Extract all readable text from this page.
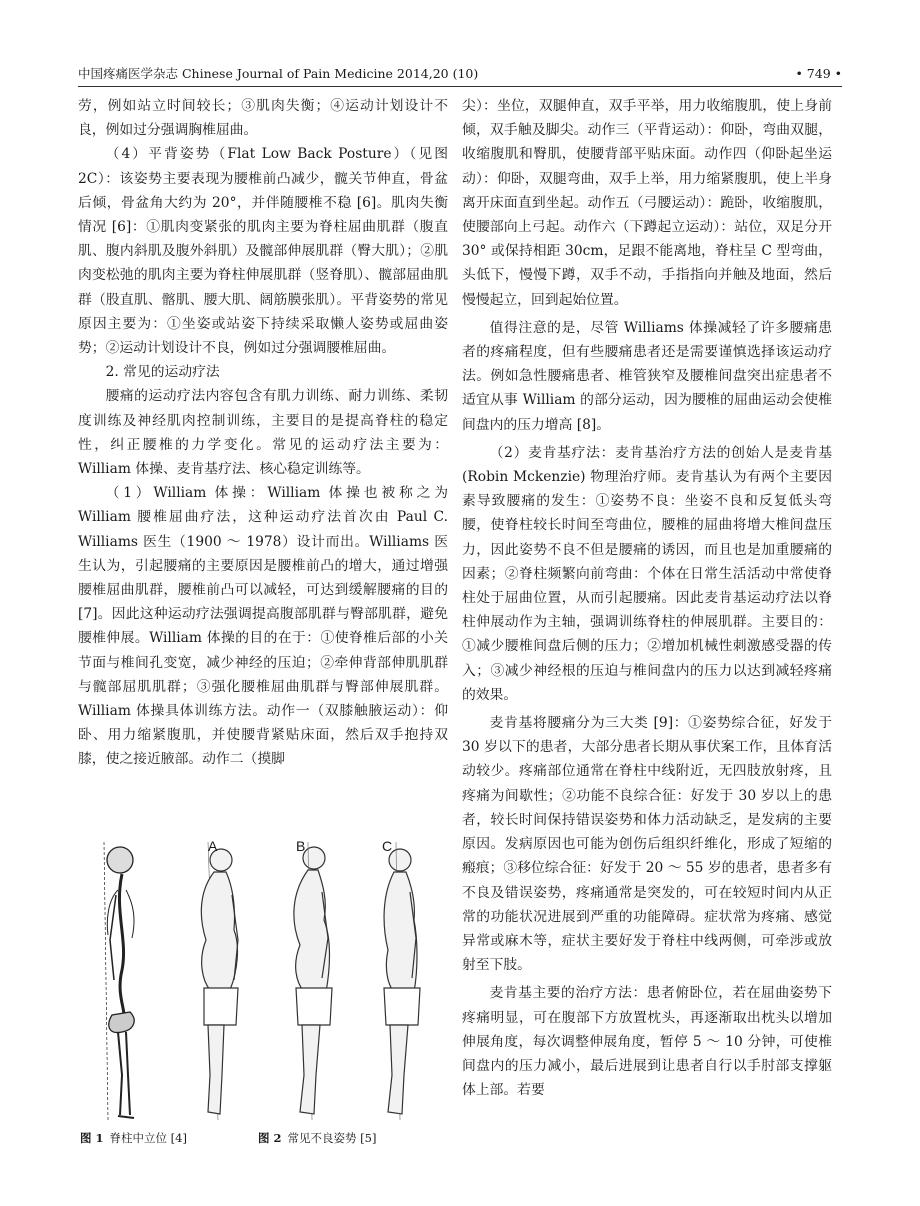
中国疼痛医学杂志 Chinese Journal of Pain Medicine 2014,20 (10)	• 749 •

劳，例如站立时间较长；③肌肉失衡；④运动计划设计不良，例如过分强调胸椎屈曲。

（4）平背姿势（Flat Low Back Posture）（见图2C）：该姿势主要表现为腰椎前凸减少，髋关节伸直，骨盆后倾，骨盆角大约为 20°，并伴随腰椎不稳 [6]。肌肉失衡情况 [6]：①肌肉变紧张的肌肉主要为脊柱屈曲肌群（腹直肌、腹内斜肌及腹外斜肌）及髋部伸展肌群（臀大肌）；②肌肉变松弛的肌肉主要为脊柱伸展肌群（竖脊肌）、髋部屈曲肌群（股直肌、髂肌、腰大肌、阔筋膜张肌）。平背姿势的常见原因主要为：①坐姿或站姿下持续采取懒人姿势或屈曲姿势；②运动计划设计不良，例如过分强调腰椎屈曲。

2. 常见的运动疗法

腰痛的运动疗法内容包含有肌力训练、耐力训练、柔韧度训练及神经肌肉控制训练，主要目的是提高脊柱的稳定性，纠正腰椎的力学变化。常见的运动疗法主要为：William 体操、麦肯基疗法、核心稳定训练等。

（1）William 体操：William 体操也被称之为 William 腰椎屈曲疗法，这种运动疗法首次由 Paul C. Williams 医生（1900 ～ 1978）设计而出。Williams 医生认为，引起腰痛的主要原因是腰椎前凸的增大，通过增强腰椎屈曲肌群，腰椎前凸可以减轻，可达到缓解腰痛的目的 [7]。因此这种运动疗法强调提高腹部肌群与臀部肌群，避免腰椎伸展。William 体操的目的在于：①使脊椎后部的小关节面与椎间孔变宽，减少神经的压迫；②牵伸背部伸肌肌群与髋部屈肌肌群；③强化腰椎屈曲肌群与臀部伸展肌群。William 体操具体训练方法。动作一（双膝触腋运动）：仰卧、用力缩紧腹肌，并使腰背紧贴床面，然后双手抱持双膝，使之接近腋部。动作二（摸脚

尖）：坐位，双腿伸直，双手平举，用力收缩腹肌，使上身前倾，双手触及脚尖。动作三（平背运动）：仰卧，弯曲双腿，收缩腹肌和臀肌，使腰背部平贴床面。动作四（仰卧起坐运动）：仰卧，双腿弯曲，双手上举，用力缩紧腹肌，使上半身离开床面直到坐起。动作五（弓腰运动）：跪卧，收缩腹肌，使腰部向上弓起。动作六（下蹲起立运动）：站位，双足分开 30° 或保持相距 30cm，足跟不能离地，脊柱呈 C 型弯曲，头低下，慢慢下蹲，双手不动，手指指向并触及地面，然后慢慢起立，回到起始位置。

值得注意的是，尽管 Williams 体操减轻了许多腰痛患者的疼痛程度，但有些腰痛患者还是需要谨慎选择该运动疗法。例如急性腰痛患者、椎管狭窄及腰椎间盘突出症患者不适宜从事 William 的部分运动，因为腰椎的屈曲运动会使椎间盘内的压力增高 [8]。

（2）麦肯基疗法：麦肯基治疗方法的创始人是麦肯基 (Robin Mckenzie) 物理治疗师。麦肯基认为有两个主要因素导致腰痛的发生：①姿势不良：坐姿不良和反复低头弯腰，使脊柱较长时间至弯曲位，腰椎的屈曲将增大椎间盘压力，因此姿势不良不但是腰痛的诱因，而且也是加重腰痛的因素；②脊柱频繁向前弯曲：个体在日常生活活动中常使脊柱处于屈曲位置，从而引起腰痛。因此麦肯基运动疗法以脊柱伸展动作为主轴，强调训练脊柱的伸展肌群。主要目的：①减少腰椎间盘后侧的压力；②增加机械性刺激感受器的传入；③减少神经根的压迫与椎间盘内的压力以达到减轻疼痛的效果。

麦肯基将腰痛分为三大类 [9]：①姿势综合征，好发于 30 岁以下的患者，大部分患者长期从事伏案工作，且体育活动较少。疼痛部位通常在脊柱中线附近，无四肢放射疼，且疼痛为间歇性；②功能不良综合征：好发于 30 岁以上的患者，较长时间保持错误姿势和体力活动缺乏，是发病的主要原因。发病原因也可能为创伤后组织纤维化，形成了短缩的瘢痕；③移位综合征：好发于 20 ～ 55 岁的患者，患者多有不良及错误姿势，疼痛通常是突发的，可在较短时间内从正常的功能状况进展到严重的功能障碍。症状常为疼痛、感觉异常或麻木等，症状主要好发于脊柱中线两侧，可牵涉或放射至下肢。

麦肯基主要的治疗方法：患者俯卧位，若在屈曲姿势下疼痛明显，可在腹部下方放置枕头，再逐渐取出枕头以增加伸展角度，每次调整伸展角度，暂停 5 ～ 10 分钟，可使椎间盘内的压力减小，最后进展到让患者自行以手肘部支撑躯体上部。若要

A	B	C
图 1 脊柱中立位 [4]	图 2 常见不良姿势 [5]
